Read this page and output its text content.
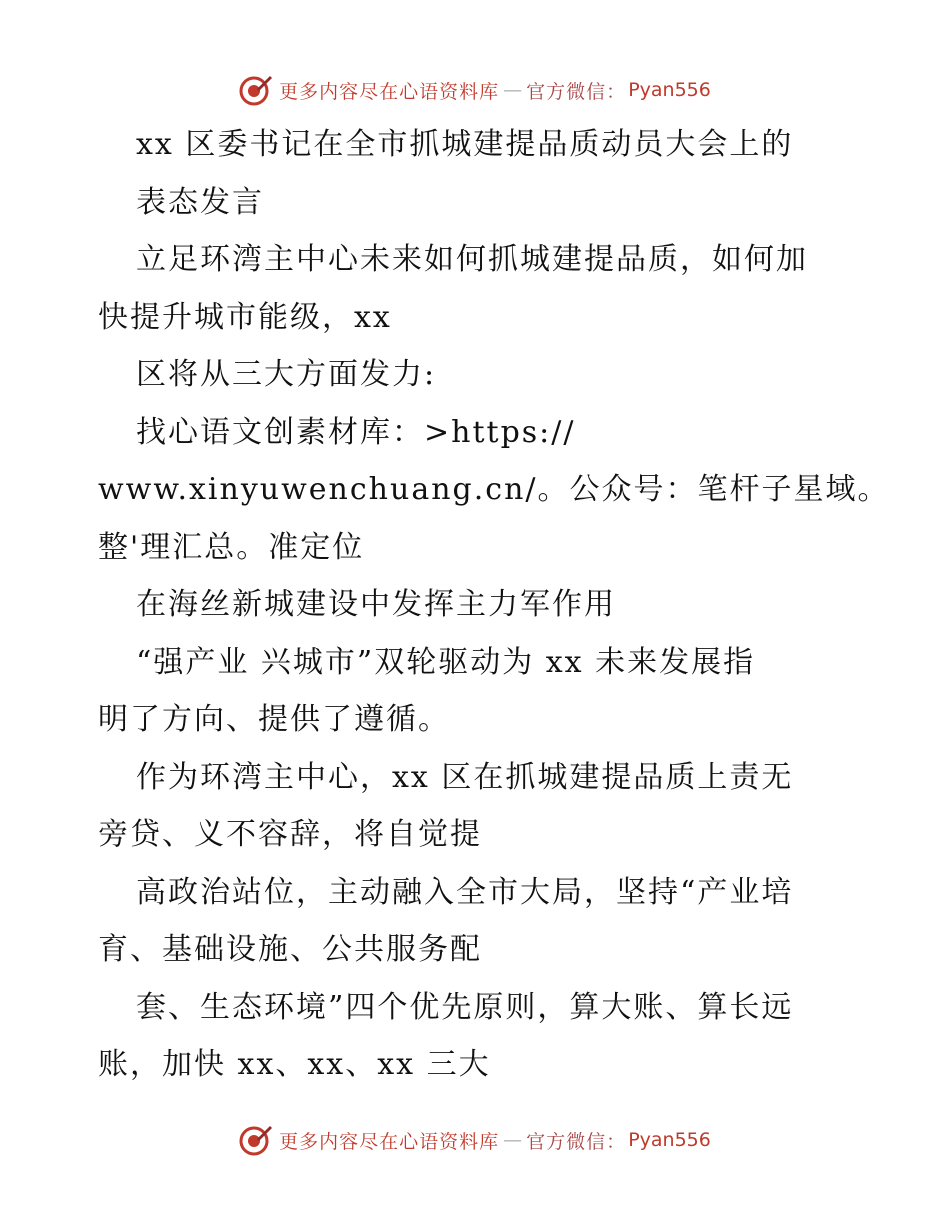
更多内容尽在心语资料库 — 官方微信： Pyan556
xx 区委书记在全市抓城建提品质动员大会上的
表态发言
立足环湾主中心未来如何抓城建提品质，如何加
快提升城市能级，xx
区将从三大方面发力:
找心语文创素材库：>https://
www.xinyuwenchuang.cn/。公众号：笔杆子星域。
整'理汇总。准定位
在海丝新城建设中发挥主力军作用
“强产业 兴城市”双轮驱动为 xx 未来发展指
明了方向、提供了遵循。
作为环湾主中心，xx 区在抓城建提品质上责无
旁贷、义不容辞，将自觉提
高政治站位，主动融入全市大局，坚持“产业培
育、基础设施、公共服务配
套、生态环境”四个优先原则，算大账、算长远
账，加快 xx、xx、xx 三大
更多内容尽在心语资料库 — 官方微信： Pyan556
